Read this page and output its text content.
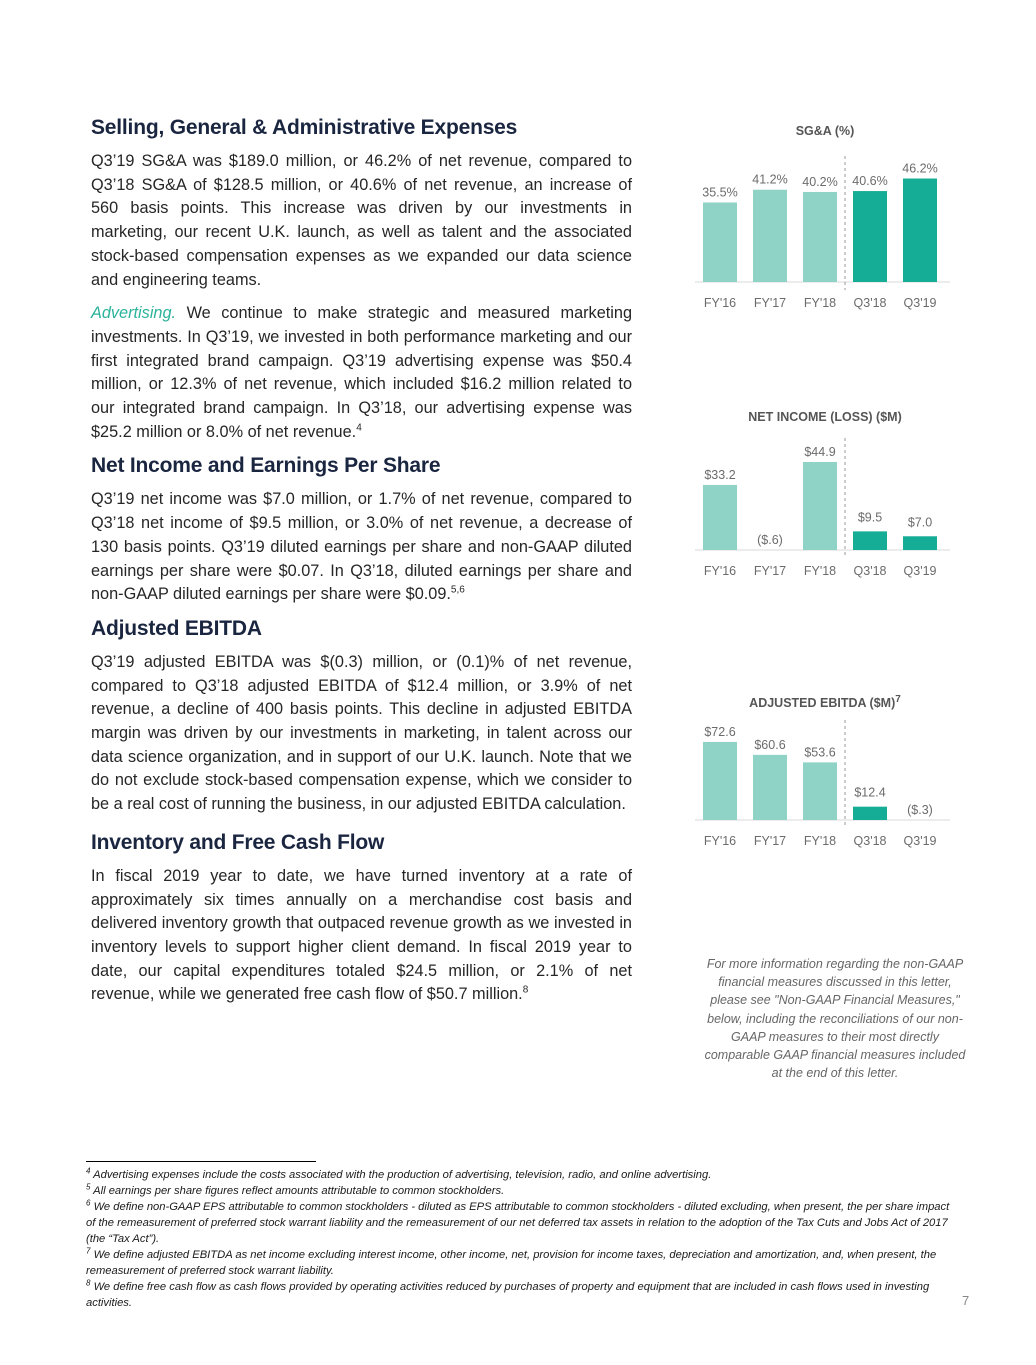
Selling, General & Administrative Expenses

Q3’19 SG&A was $189.0 million, or 46.2% of net revenue, compared to Q3’18 SG&A of $128.5 million, or 40.6% of net revenue, an increase of 560 basis points. This increase was driven by our investments in marketing, our recent U.K. launch, as well as talent and the associated stock-based compensation expenses as we expanded our data science and engineering teams.

Advertising. We continue to make strategic and measured marketing investments. In Q3’19, we invested in both performance marketing and our first integrated brand campaign. Q3’19 advertising expense was $50.4 million, or 12.3% of net revenue, which included $16.2 million related to our integrated brand campaign. In Q3’18, our advertising expense was $25.2 million or 8.0% of net revenue.$^4$

Net Income and Earnings Per Share

Q3’19 net income was $7.0 million, or 1.7% of net revenue, compared to Q3’18 net income of $9.5 million, or 3.0% of net revenue, a decrease of 130 basis points. Q3’19 diluted earnings per share and non-GAAP diluted earnings per share were $0.07. In Q3’18, diluted earnings per share and non-GAAP diluted earnings per share were $0.09.$^{5,6}$

Adjusted EBITDA

Q3’19 adjusted EBITDA was $(0.3) million, or (0.1)% of net revenue, compared to Q3’18 adjusted EBITDA of $12.4 million, or 3.9% of net revenue, a decline of 400 basis points. This decline in adjusted EBITDA margin was driven by our investments in marketing, in talent across our data science organization, and in support of our U.K. launch. Note that we do not exclude stock-based compensation expense, which we consider to be a real cost of running the business, in our adjusted EBITDA calculation.

Inventory and Free Cash Flow

In fiscal 2019 year to date, we have turned inventory at a rate of approximately six times annually on a merchandise cost basis and delivered inventory growth that outpaced revenue growth as we invested in inventory levels to support higher client demand. In fiscal 2019 year to date, our capital expenditures totaled $24.5 million, or 2.1% of net revenue, while we generated free cash flow of $50.7 million.$^8$

SG&A (%)
35.5%
FY'16
41.2%
FY'17
40.2%
FY'18
40.6%
Q3'18
46.2%
Q3'19
NET INCOME (LOSS) ($M)
$33.2
FY'16
($.6)
FY'17
$44.9
FY'18
$9.5
Q3'18
$7.0
Q3'19
ADJUSTED EBITDA ($M)$^7$
$72.6
FY'16
$60.6
FY'17
$53.6
FY'18
$12.4
Q3'18
($.3)
Q3'19
For more information regarding the non-GAAP financial measures discussed in this letter, please see "Non-GAAP Financial Measures," below, including the reconciliations of our non-GAAP measures to their most directly comparable GAAP financial measures included at the end of this letter.

$^4$ Advertising expenses include the costs associated with the production of advertising, television, radio, and online advertising.

$^5$ All earnings per share figures reflect amounts attributable to common stockholders.

$^6$ We define non-GAAP EPS attributable to common stockholders - diluted as EPS attributable to common stockholders - diluted excluding, when present, the per share impact of the remeasurement of preferred stock warrant liability and the remeasurement of our net deferred tax assets in relation to the adoption of the Tax Cuts and Jobs Act of 2017 (the “Tax Act”).

$^7$ We define adjusted EBITDA as net income excluding interest income, other income, net, provision for income taxes, depreciation and amortization, and, when present, the remeasurement of preferred stock warrant liability.

$^8$ We define free cash flow as cash flows provided by operating activities reduced by purchases of property and equipment that are included in cash flows used in investing activities.	7
